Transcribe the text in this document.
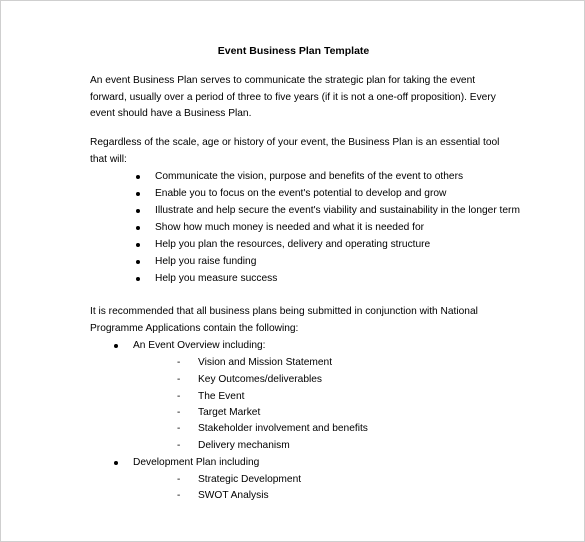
Event Business Plan Template
An event Business Plan serves to communicate the strategic plan for taking the event forward, usually over a period of three to five years (if it is not a one-off proposition). Every event should have a Business Plan.
Regardless of the scale, age or history of your event, the Business Plan is an essential tool that will:
Communicate the vision, purpose and benefits of the event to others
Enable you to focus on the event's potential to develop and grow
Illustrate and help secure the event's viability and sustainability in the longer term
Show how much money is needed and what it is needed for
Help you plan the resources, delivery and operating structure
Help you raise funding
Help you measure success
It is recommended that all business plans being submitted in conjunction with National Programme Applications contain the following:
An Event Overview including:
- Vision and Mission Statement
- Key Outcomes/deliverables
- The Event
- Target Market
- Stakeholder involvement and benefits
- Delivery mechanism
Development Plan including
- Strategic Development
- SWOT Analysis
